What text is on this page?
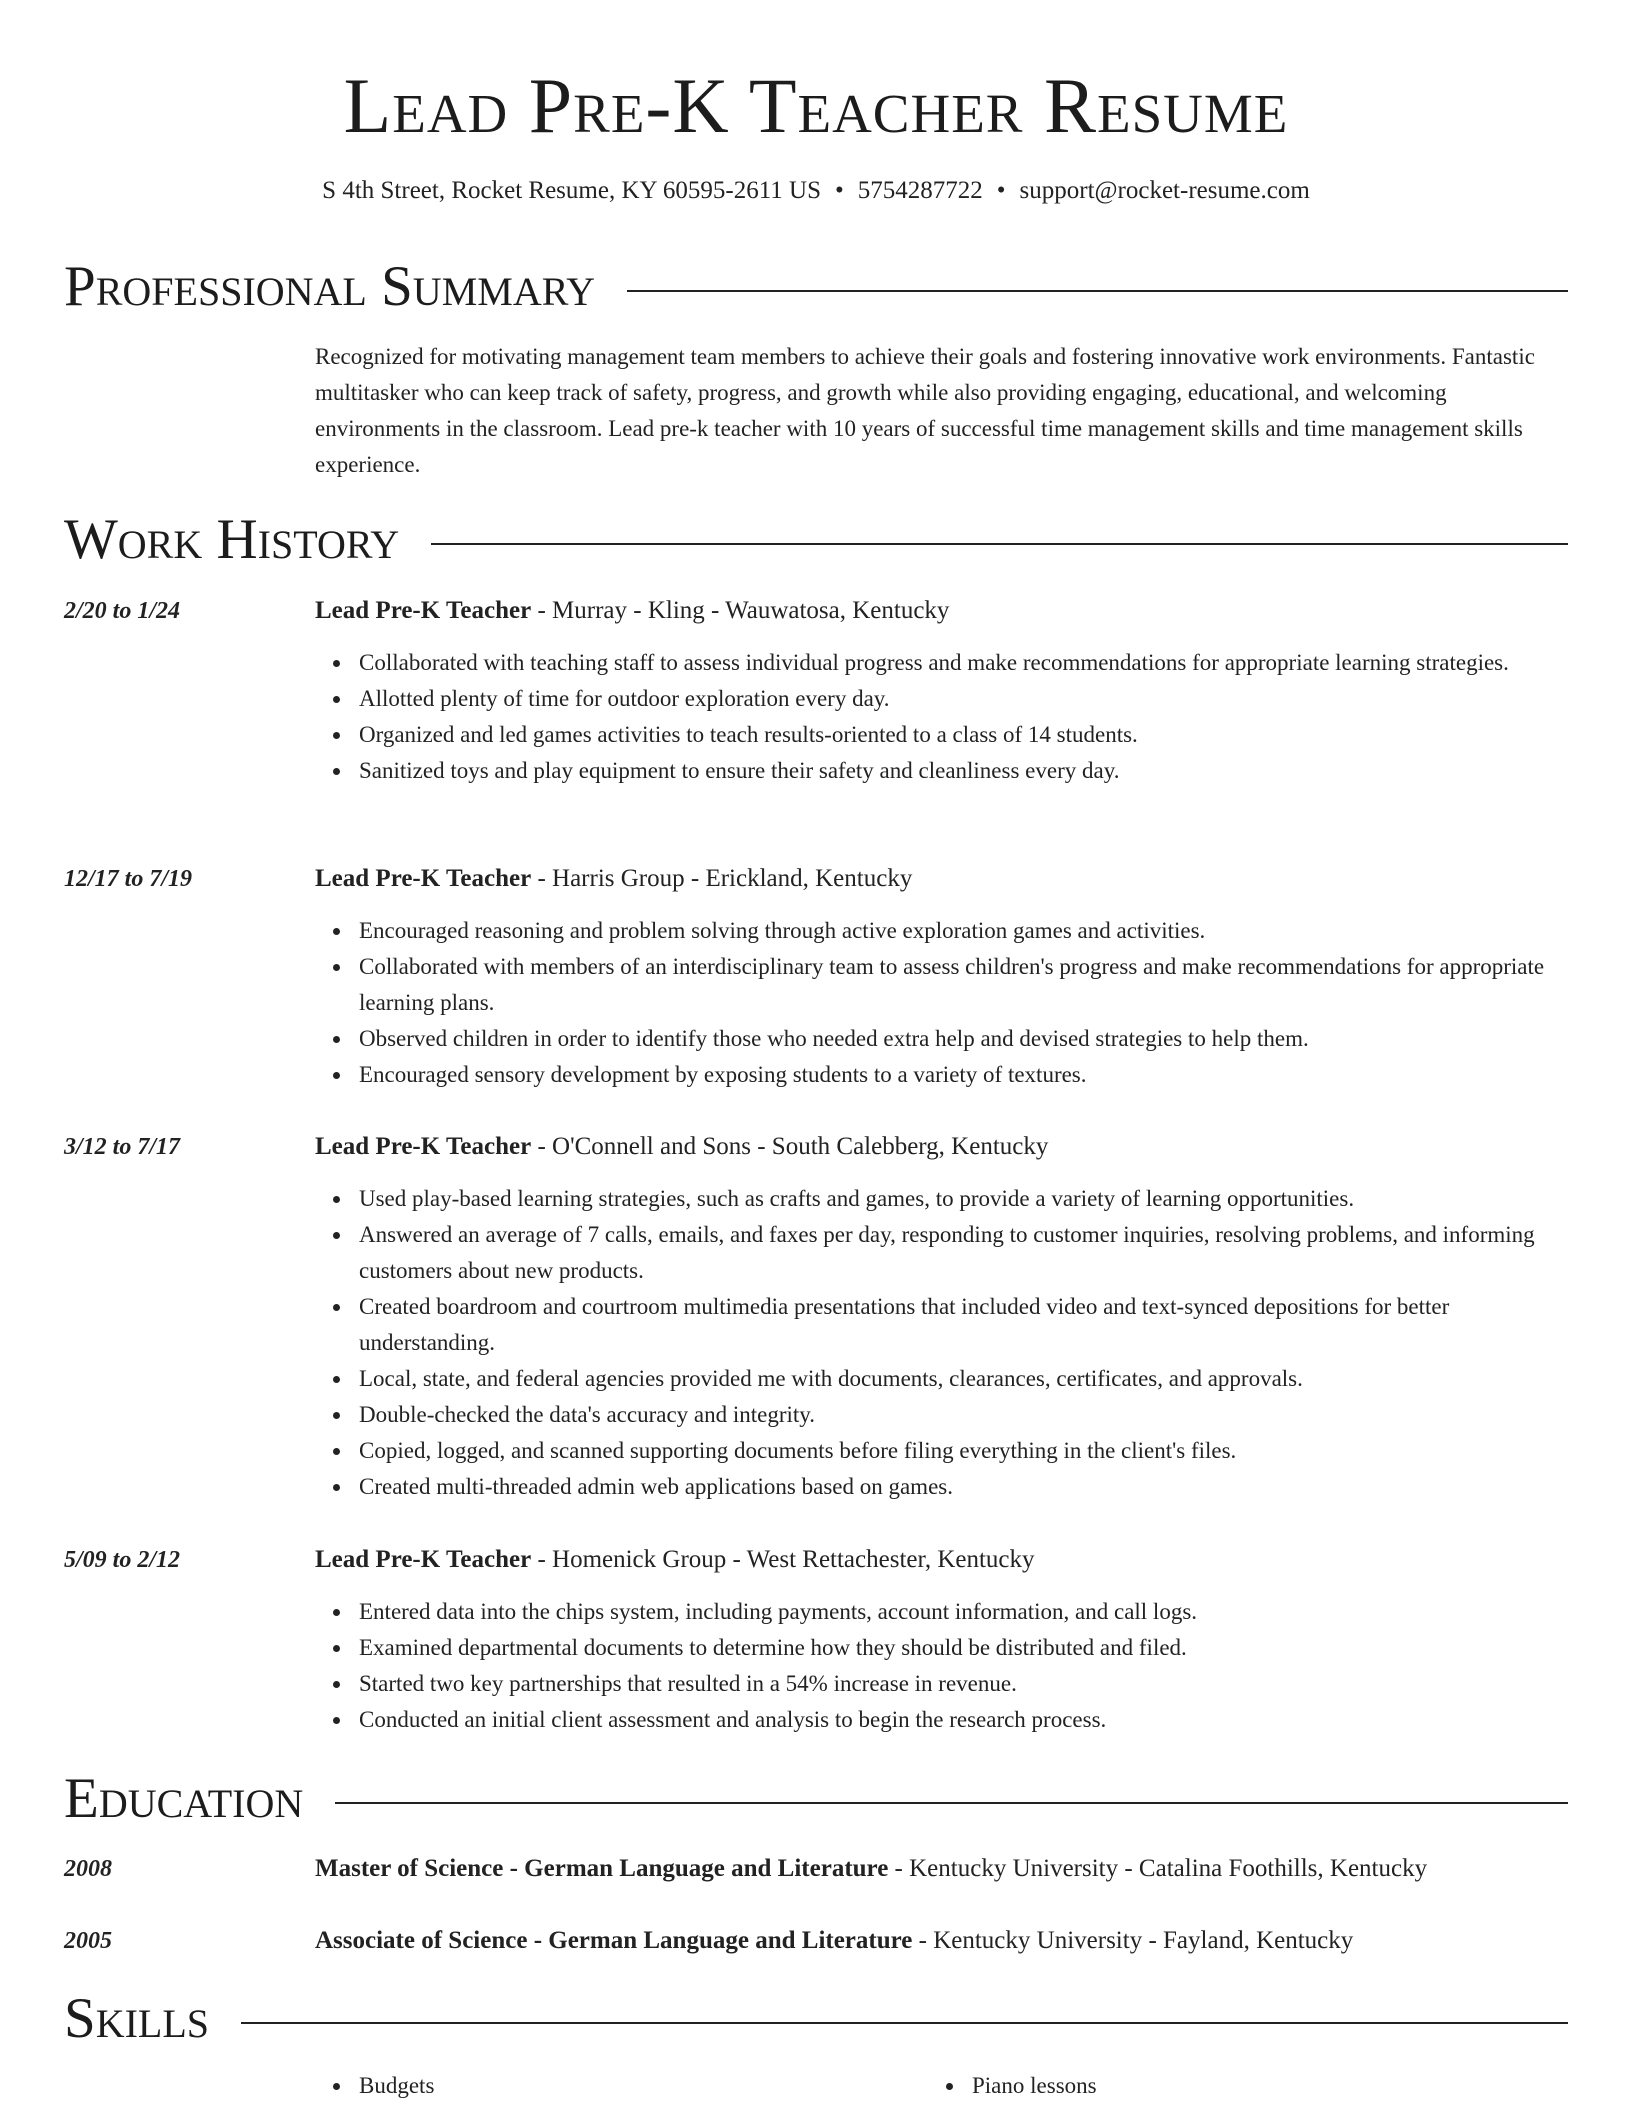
Lead Pre-K Teacher Resume
S 4th Street, Rocket Resume, KY 60595-2611 US • 5754287722 • support@rocket-resume.com
Professional Summary
Recognized for motivating management team members to achieve their goals and fostering innovative work environments. Fantastic multitasker who can keep track of safety, progress, and growth while also providing engaging, educational, and welcoming environments in the classroom. Lead pre-k teacher with 10 years of successful time management skills and time management skills experience.
Work History
2/20 to 1/24	Lead Pre-K Teacher - Murray - Kling - Wauwatosa, Kentucky
Collaborated with teaching staff to assess individual progress and make recommendations for appropriate learning strategies.
Allotted plenty of time for outdoor exploration every day.
Organized and led games activities to teach results-oriented to a class of 14 students.
Sanitized toys and play equipment to ensure their safety and cleanliness every day.
12/17 to 7/19	Lead Pre-K Teacher - Harris Group - Erickland, Kentucky
Encouraged reasoning and problem solving through active exploration games and activities.
Collaborated with members of an interdisciplinary team to assess children's progress and make recommendations for appropriate learning plans.
Observed children in order to identify those who needed extra help and devised strategies to help them.
Encouraged sensory development by exposing students to a variety of textures.
3/12 to 7/17	Lead Pre-K Teacher - O'Connell and Sons - South Calebberg, Kentucky
Used play-based learning strategies, such as crafts and games, to provide a variety of learning opportunities.
Answered an average of 7 calls, emails, and faxes per day, responding to customer inquiries, resolving problems, and informing customers about new products.
Created boardroom and courtroom multimedia presentations that included video and text-synced depositions for better understanding.
Local, state, and federal agencies provided me with documents, clearances, certificates, and approvals.
Double-checked the data's accuracy and integrity.
Copied, logged, and scanned supporting documents before filing everything in the client's files.
Created multi-threaded admin web applications based on games.
5/09 to 2/12	Lead Pre-K Teacher - Homenick Group - West Rettachester, Kentucky
Entered data into the chips system, including payments, account information, and call logs.
Examined departmental documents to determine how they should be distributed and filed.
Started two key partnerships that resulted in a 54% increase in revenue.
Conducted an initial client assessment and analysis to begin the research process.
Education
2008	Master of Science - German Language and Literature - Kentucky University - Catalina Foothills, Kentucky
2005	Associate of Science - German Language and Literature - Kentucky University - Fayland, Kentucky
Skills
Budgets	Piano lessons
